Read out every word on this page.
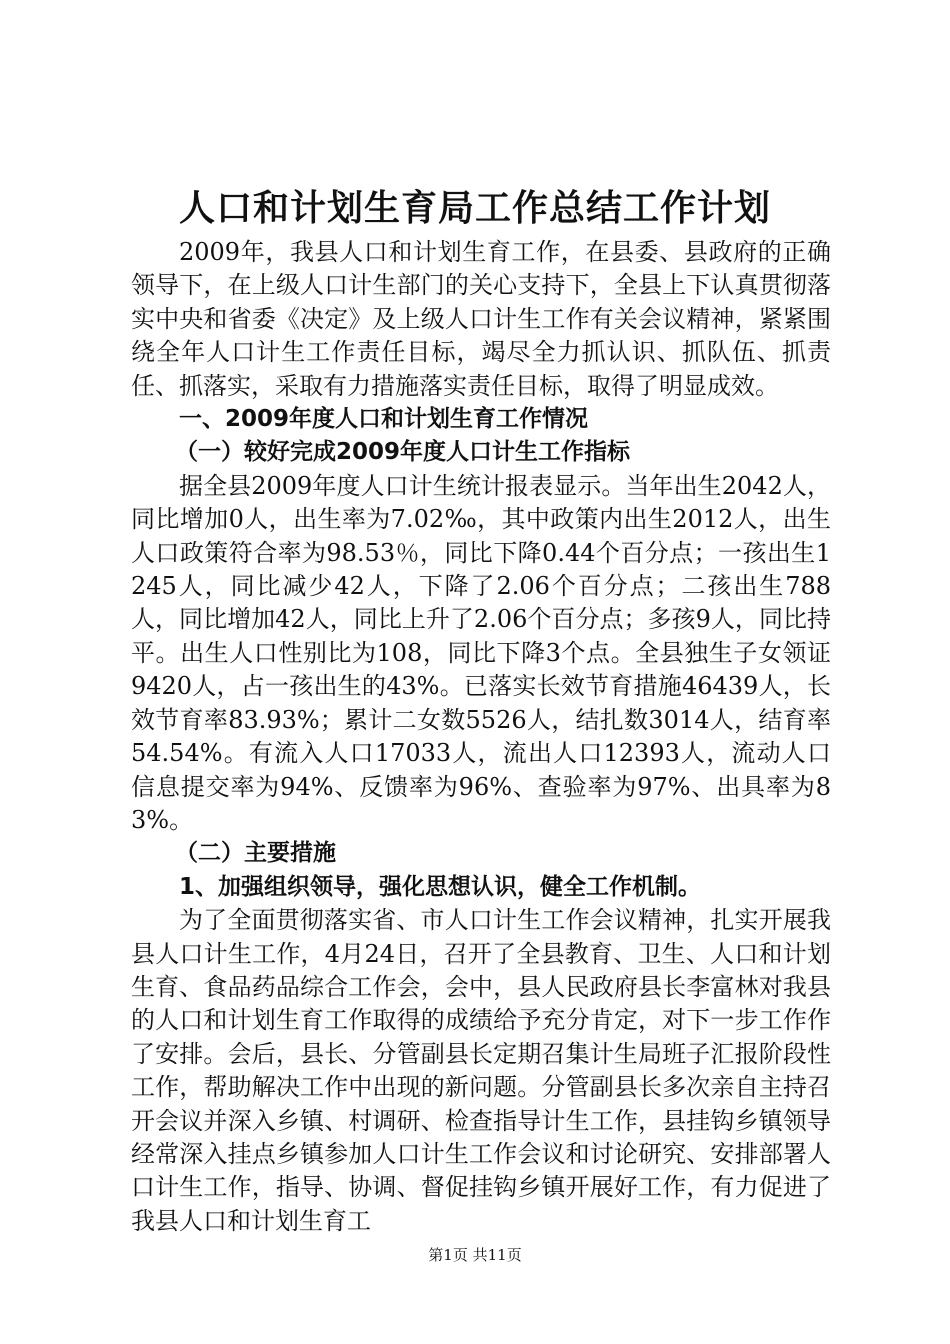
人口和计划生育局工作总结工作计划

2009年，我县人口和计划生育工作，在县委、县政府的正确领导下，在上级人口计生部门的关心支持下，全县上下认真贯彻落实中央和省委《决定》及上级人口计生工作有关会议精神，紧紧围绕全年人口计生工作责任目标，竭尽全力抓认识、抓队伍、抓责任、抓落实，采取有力措施落实责任目标，取得了明显成效。

一、2009年度人口和计划生育工作情况

（一）较好完成2009年度人口计生工作指标

据全县2009年度人口计生统计报表显示。当年出生2042人，同比增加0人，出生率为7.02‰，其中政策内出生2012人，出生人口政策符合率为98.53％，同比下降0.44个百分点；一孩出生1245人，同比减少42人，下降了2.06个百分点；二孩出生788人，同比增加42人，同比上升了2.06个百分点；多孩9人，同比持平。出生人口性别比为108，同比下降3个点。全县独生子女领证9420人，占一孩出生的43%。已落实长效节育措施46439人，长效节育率83.93%；累计二女数5526人，结扎数3014人，结育率54.54%。有流入人口17033人，流出人口12393人，流动人口信息提交率为94%、反馈率为96%、查验率为97%、出具率为83%。

（二）主要措施

1、加强组织领导，强化思想认识，健全工作机制。

为了全面贯彻落实省、市人口计生工作会议精神，扎实开展我县人口计生工作，4月24日，召开了全县教育、卫生、人口和计划生育、食品药品综合工作会，会中，县人民政府县长李富林对我县的人口和计划生育工作取得的成绩给予充分肯定，对下一步工作作了安排。会后，县长、分管副县长定期召集计生局班子汇报阶段性工作，帮助解决工作中出现的新问题。分管副县长多次亲自主持召开会议并深入乡镇、村调研、检查指导计生工作，县挂钩乡镇领导经常深入挂点乡镇参加人口计生工作会议和讨论研究、安排部署人口计生工作，指导、协调、督促挂钩乡镇开展好工作，有力促进了我县人口和计划生育工

第1页 共11页
